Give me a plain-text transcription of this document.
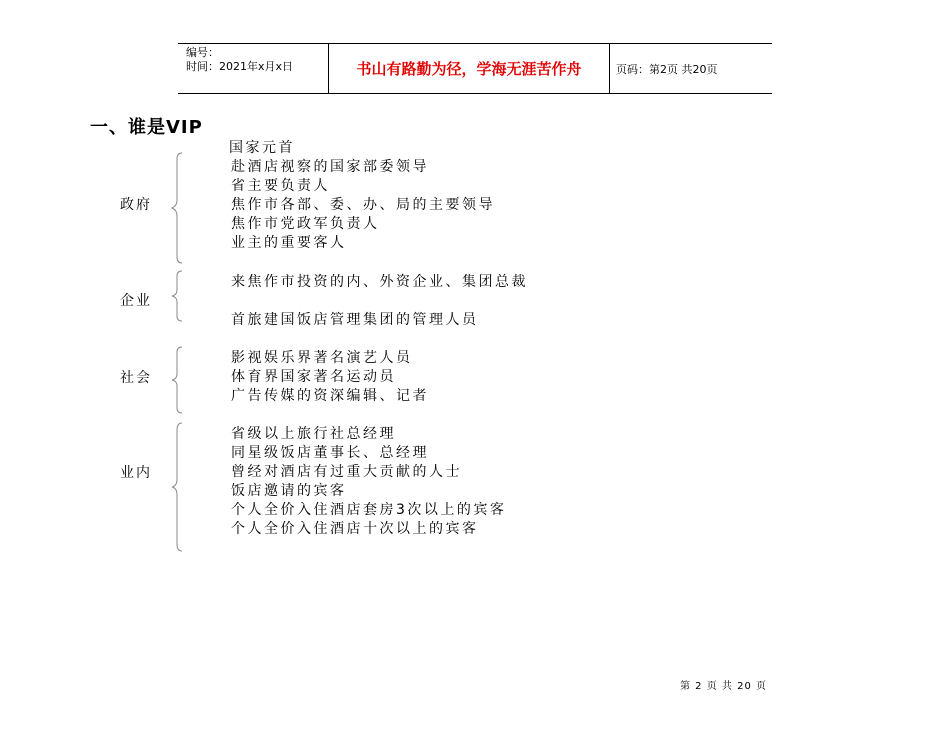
编号：
时间：2021年x月x日	书山有路勤为径，学海无涯苦作舟	页码：第2页 共20页
一、谁是VIP
政府
国家元首
赴酒店视察的国家部委领导
省主要负责人
焦作市各部、委、办、局的主要领导
焦作市党政军负责人
业主的重要客人
企业
来焦作市投资的内、外资企业、集团总裁
首旅建国饭店管理集团的管理人员
社会
影视娱乐界著名演艺人员
体育界国家著名运动员
广告传媒的资深编辑、记者
业内
省级以上旅行社总经理
同星级饭店董事长、总经理
曾经对酒店有过重大贡献的人士
饭店邀请的宾客
个人全价入住酒店套房3次以上的宾客
个人全价入住酒店十次以上的宾客
第 2 页 共 20 页
